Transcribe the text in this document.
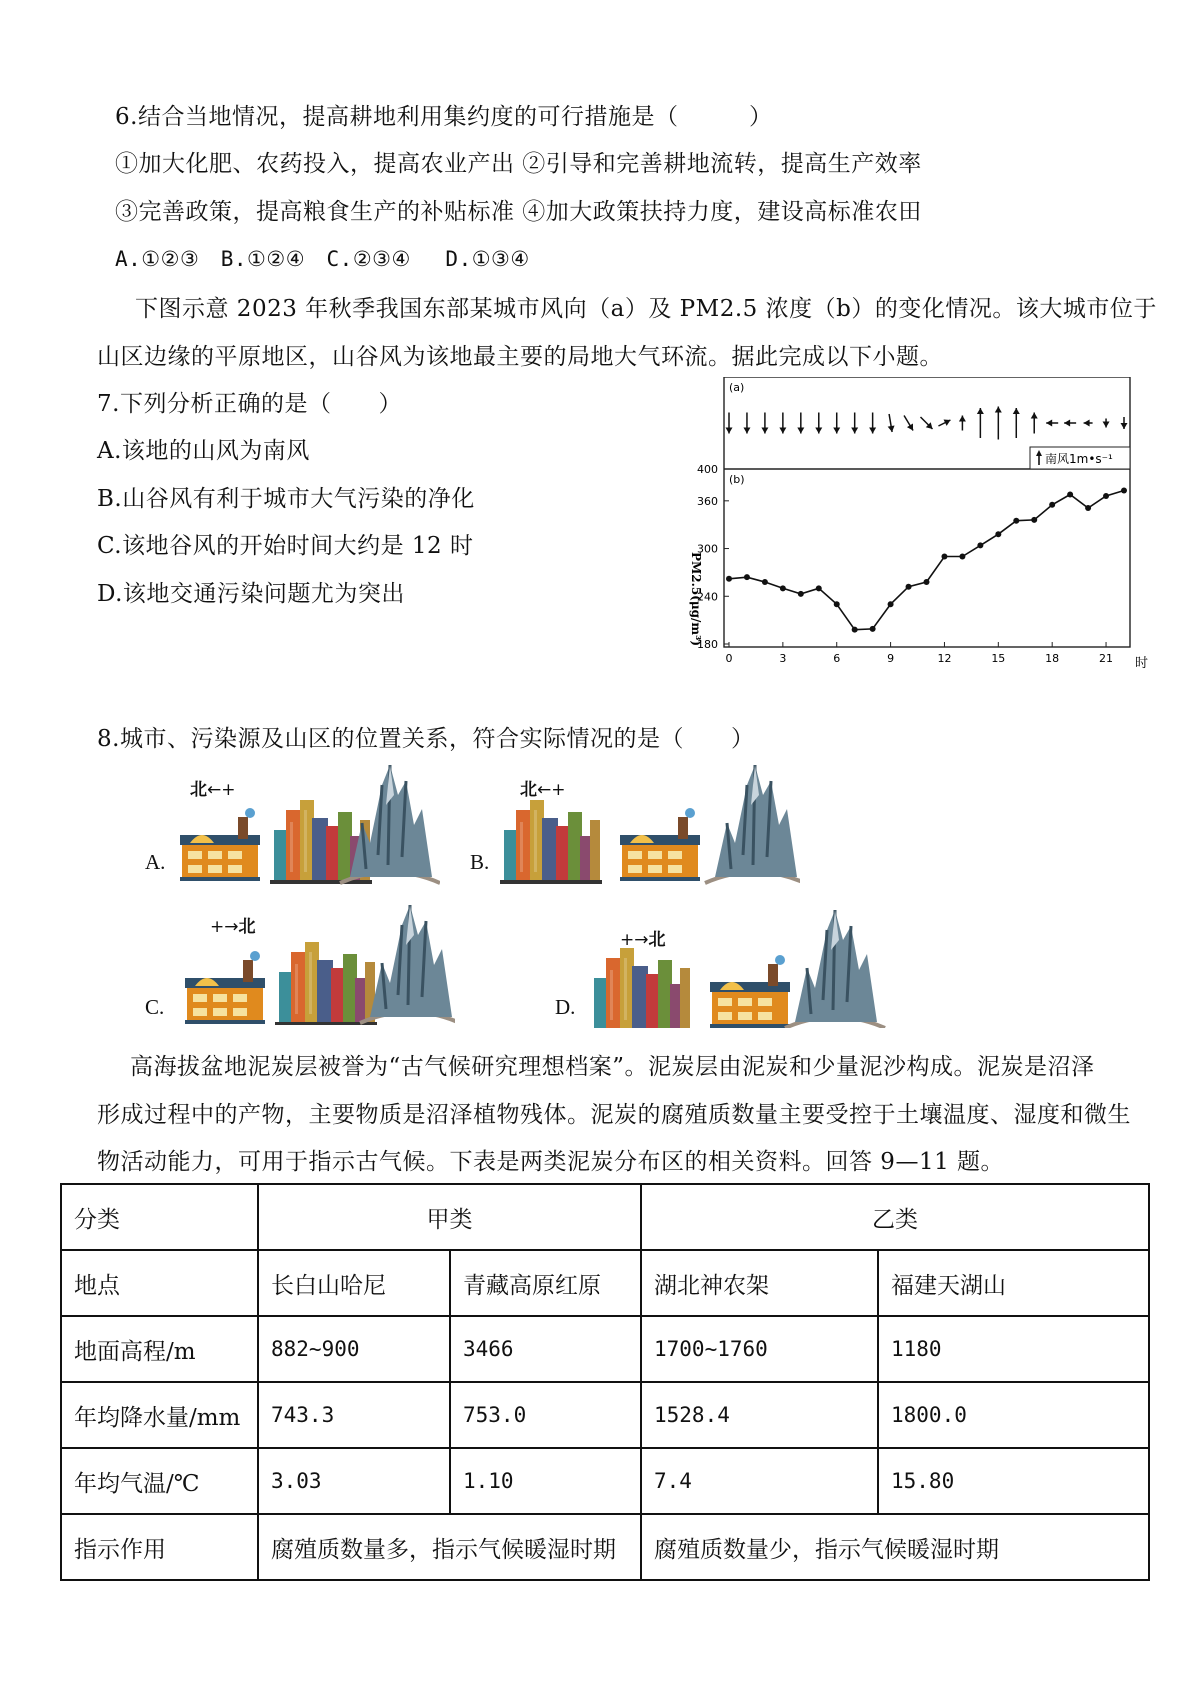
6.结合当地情况，提高耕地利用集约度的可行措施是（　　　）
①加大化肥、农药投入，提高农业产出 ②引导和完善耕地流转，提高生产效率
③完善政策，提高粮食生产的补贴标准 ④加大政策扶持力度，建设高标准农田
A.①②③　B.①②④　C.②③④　 D.①③④
下图示意 2023 年秋季我国东部某城市风向（a）及 PM2.5 浓度（b）的变化情况。该大城市位于
山区边缘的平原地区，山谷风为该地最主要的局地大气环流。据此完成以下小题。
7.下列分析正确的是（　　）
A.该地的山风为南风
B.山谷风有利于城市大气污染的净化
C.该地谷风的开始时间大约是 12 时
D.该地交通污染问题尤为突出
(a)
(b)
南风1m•s⁻¹
PM2.5(μg/m³)
时
180
240
300
360
400
0	3	6	9	12	15	18	21
8.城市、污染源及山区的位置关系，符合实际情况的是（　　）
北←+
A.
北←+
B.
+→北
C.
+→北
D.
高海拔盆地泥炭层被誉为“古气候研究理想档案”。泥炭层由泥炭和少量泥沙构成。泥炭是沼泽
形成过程中的产物，主要物质是沼泽植物残体。泥炭的腐殖质数量主要受控于土壤温度、湿度和微生
物活动能力，可用于指示古气候。下表是两类泥炭分布区的相关资料。回答 9—11 题。
分类	甲类		乙类	
地点	长白山哈尼	青藏高原红原	湖北神农架	福建天湖山
地面高程/m	882~900	3466	1700~1760	1180
年均降水量/mm	743.3	753.0	1528.4	1800.0
年均气温/℃	3.03	1.10	7.4	15.80
指示作用	腐殖质数量多，指示气候暖湿时期		腐殖质数量少，指示气候暖湿时期	
